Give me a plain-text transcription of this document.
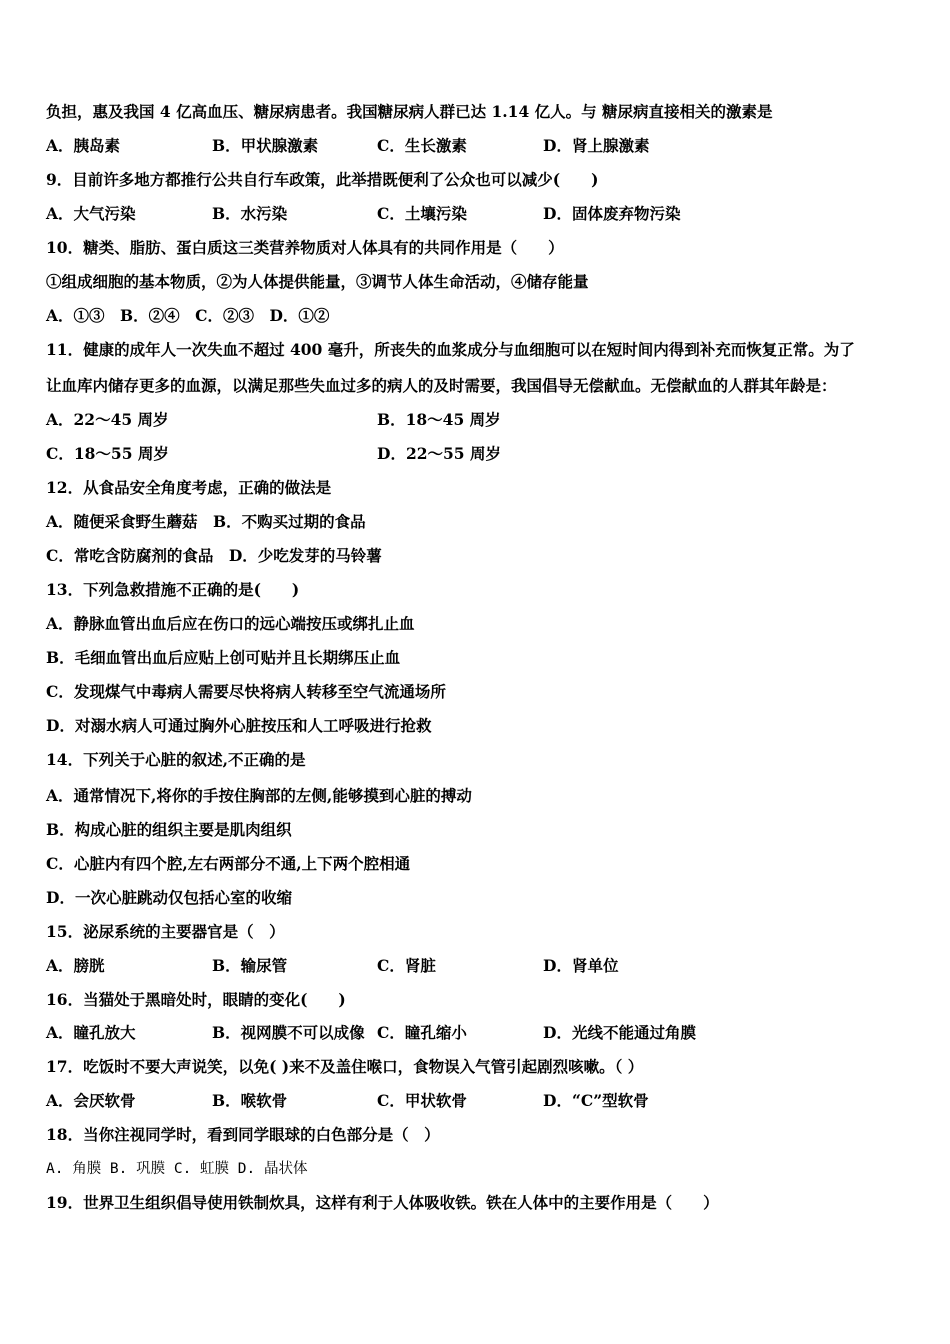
负担，惠及我国 4 亿高血压、糖尿病患者。我国糖尿病人群已达 1.14 亿人。与 糖尿病直接相关的激素是
A．胰岛素	B．甲状腺激素	C．生长激素	D．肾上腺激素
9．目前许多地方都推行公共自行车政策，此举措既便利了公众也可以减少(　　)
A．大气污染	B．水污染	C．土壤污染	D．固体废弃物污染
10．糖类、脂肪、蛋白质这三类营养物质对人体具有的共同作用是（　　）
①组成细胞的基本物质，②为人体提供能量，③调节人体生命活动，④储存能量
A．①③　B．②④　C．②③　D．①②
11．健康的成年人一次失血不超过 400 毫升，所丧失的血浆成分与血细胞可以在短时间内得到补充而恢复正常。为了
让血库内储存更多的血源，以满足那些失血过多的病人的及时需要，我国倡导无偿献血。无偿献血的人群其年龄是：
A．22～45 周岁	B．18～45 周岁
C．18～55 周岁	D．22～55 周岁
12．从食品安全角度考虑，正确的做法是
A．随便采食野生蘑菇　B．不购买过期的食品
C．常吃含防腐剂的食品　D．少吃发芽的马铃薯
13．下列急救措施不正确的是(　　)
A．静脉血管出血后应在伤口的远心端按压或绑扎止血
B．毛细血管出血后应贴上创可贴并且长期绑压止血
C．发现煤气中毒病人需要尽快将病人转移至空气流通场所
D．对溺水病人可通过胸外心脏按压和人工呼吸进行抢救
14．下列关于心脏的叙述,不正确的是
A．通常情况下,将你的手按住胸部的左侧,能够摸到心脏的搏动
B．构成心脏的组织主要是肌肉组织
C．心脏内有四个腔,左右两部分不通,上下两个腔相通
D．一次心脏跳动仅包括心室的收缩
15．泌尿系统的主要器官是（　）
A．膀胱	B．输尿管	C．肾脏	D．肾单位
16．当猫处于黑暗处时，眼睛的变化(　　)
A．瞳孔放大	B．视网膜不可以成像 C．瞳孔缩小	D．光线不能通过角膜
17．吃饭时不要大声说笑，以免( )来不及盖住喉口，食物误入气管引起剧烈咳嗽。（ ）
A．会厌软骨	B．喉软骨	C．甲状软骨	D．“C”型软骨
18．当你注视同学时，看到同学眼球的白色部分是（　）
A. 角膜 B. 巩膜 C. 虹膜 D. 晶状体
19．世界卫生组织倡导使用铁制炊具，这样有利于人体吸收铁。铁在人体中的主要作用是（　　）
